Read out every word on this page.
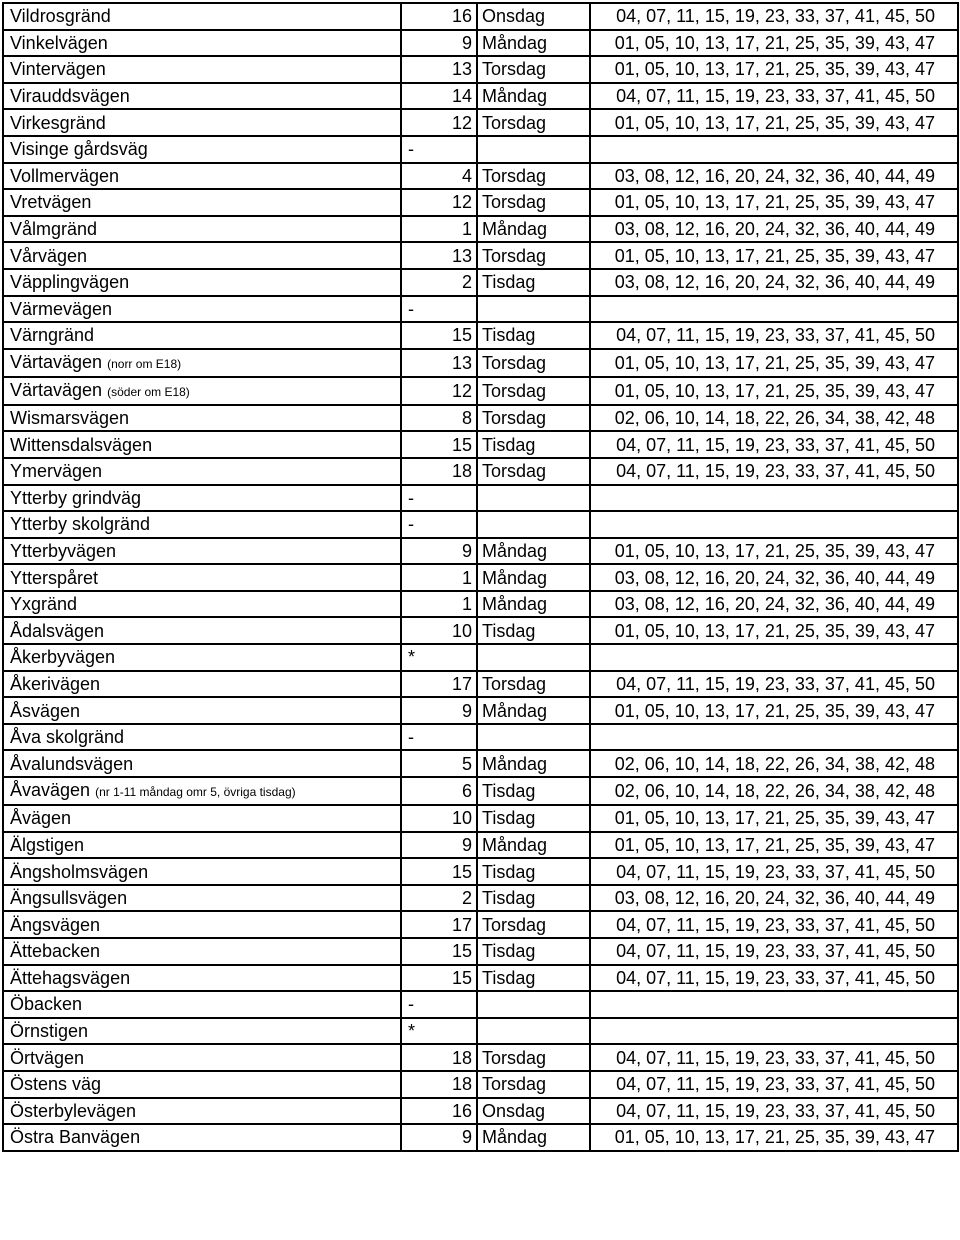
Vildrosgränd	16	Onsdag	04, 07, 11, 15, 19, 23, 33, 37, 41, 45, 50
Vinkelvägen	9	Måndag	01, 05, 10, 13, 17, 21, 25, 35, 39, 43, 47
Vintervägen	13	Torsdag	01, 05, 10, 13, 17, 21, 25, 35, 39, 43, 47
Virauddsvägen	14	Måndag	04, 07, 11, 15, 19, 23, 33, 37, 41, 45, 50
Virkesgränd	12	Torsdag	01, 05, 10, 13, 17, 21, 25, 35, 39, 43, 47
Visinge gårdsväg	-		
Vollmervägen	4	Torsdag	03, 08, 12, 16, 20, 24, 32, 36, 40, 44, 49
Vretvägen	12	Torsdag	01, 05, 10, 13, 17, 21, 25, 35, 39, 43, 47
Vålmgränd	1	Måndag	03, 08, 12, 16, 20, 24, 32, 36, 40, 44, 49
Vårvägen	13	Torsdag	01, 05, 10, 13, 17, 21, 25, 35, 39, 43, 47
Väpplingvägen	2	Tisdag	03, 08, 12, 16, 20, 24, 32, 36, 40, 44, 49
Värmevägen	-		
Värngränd	15	Tisdag	04, 07, 11, 15, 19, 23, 33, 37, 41, 45, 50
Värtavägen (norr om E18)	13	Torsdag	01, 05, 10, 13, 17, 21, 25, 35, 39, 43, 47
Värtavägen (söder om E18)	12	Torsdag	01, 05, 10, 13, 17, 21, 25, 35, 39, 43, 47
Wismarsvägen	8	Torsdag	02, 06, 10, 14, 18, 22, 26, 34, 38, 42, 48
Wittensdalsvägen	15	Tisdag	04, 07, 11, 15, 19, 23, 33, 37, 41, 45, 50
Ymervägen	18	Torsdag	04, 07, 11, 15, 19, 23, 33, 37, 41, 45, 50
Ytterby grindväg	-		
Ytterby skolgränd	-		
Ytterbyvägen	9	Måndag	01, 05, 10, 13, 17, 21, 25, 35, 39, 43, 47
Ytterspåret	1	Måndag	03, 08, 12, 16, 20, 24, 32, 36, 40, 44, 49
Yxgränd	1	Måndag	03, 08, 12, 16, 20, 24, 32, 36, 40, 44, 49
Ådalsvägen	10	Tisdag	01, 05, 10, 13, 17, 21, 25, 35, 39, 43, 47
Åkerbyvägen	*		
Åkerivägen	17	Torsdag	04, 07, 11, 15, 19, 23, 33, 37, 41, 45, 50
Åsvägen	9	Måndag	01, 05, 10, 13, 17, 21, 25, 35, 39, 43, 47
Åva skolgränd	-		
Åvalundsvägen	5	Måndag	02, 06, 10, 14, 18, 22, 26, 34, 38, 42, 48
Åvavägen (nr 1-11 måndag omr 5, övriga tisdag)	6	Tisdag	02, 06, 10, 14, 18, 22, 26, 34, 38, 42, 48
Åvägen	10	Tisdag	01, 05, 10, 13, 17, 21, 25, 35, 39, 43, 47
Älgstigen	9	Måndag	01, 05, 10, 13, 17, 21, 25, 35, 39, 43, 47
Ängsholmsvägen	15	Tisdag	04, 07, 11, 15, 19, 23, 33, 37, 41, 45, 50
Ängsullsvägen	2	Tisdag	03, 08, 12, 16, 20, 24, 32, 36, 40, 44, 49
Ängsvägen	17	Torsdag	04, 07, 11, 15, 19, 23, 33, 37, 41, 45, 50
Ättebacken	15	Tisdag	04, 07, 11, 15, 19, 23, 33, 37, 41, 45, 50
Ättehagsvägen	15	Tisdag	04, 07, 11, 15, 19, 23, 33, 37, 41, 45, 50
Öbacken	-		
Örnstigen	*		
Örtvägen	18	Torsdag	04, 07, 11, 15, 19, 23, 33, 37, 41, 45, 50
Östens väg	18	Torsdag	04, 07, 11, 15, 19, 23, 33, 37, 41, 45, 50
Österbylevägen	16	Onsdag	04, 07, 11, 15, 19, 23, 33, 37, 41, 45, 50
Östra Banvägen	9	Måndag	01, 05, 10, 13, 17, 21, 25, 35, 39, 43, 47
